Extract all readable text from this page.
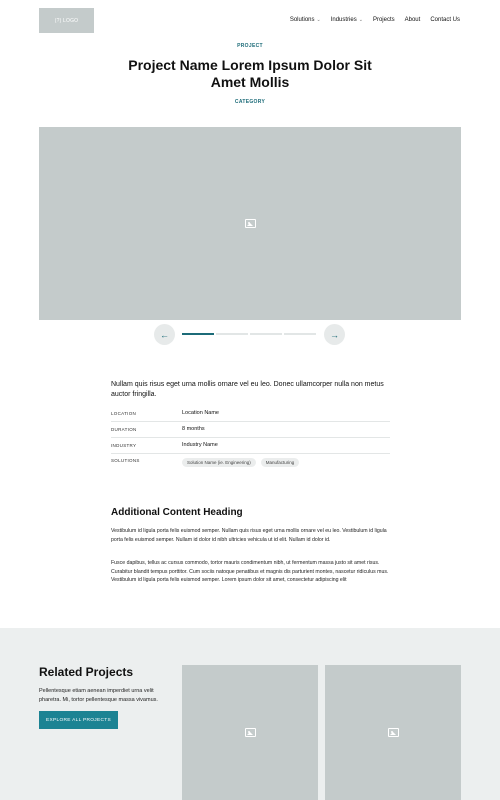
(?) LOGO	Solutions ⌄ Industries ⌄ Projects About Contact Us
PROJECT
Project Name Lorem Ipsum Dolor Sit Amet Mollis
CATEGORY
←	→

Nullam quis risus eget urna mollis ornare vel eu leo. Donec ullamcorper nulla non metus auctor fringilla.

LOCATION	Location Name
DURATION	8 months
INDUSTRY	Industry Name
SOLUTIONS	Solution Name (ie. Engineering)	Manufacturing
Additional Content Heading

Vestibulum id ligula porta felis euismod semper. Nullam quis risus eget urna mollis ornare vel eu leo. Vestibulum id ligula porta felis euismod semper. Nullam id dolor id nibh ultricies vehicula ut id elit. Nullam id dolor id.

Fusce dapibus, tellus ac cursus commodo, tortor mauris condimentum nibh, ut fermentum massa justo sit amet risus. Curabitur blandit tempus porttitor. Cum sociis natoque penatibus et magnis dis parturient montes, nascetur ridiculus mus. Vestibulum id ligula porta felis euismod semper. Lorem ipsum dolor sit amet, consectetur adipiscing elit

Related Projects

Pellentesque etiam aenean imperdiet urna velit pharetra. Mi, tortor pellentesque massa vivamus.

EXPLORE ALL PROJECTS
